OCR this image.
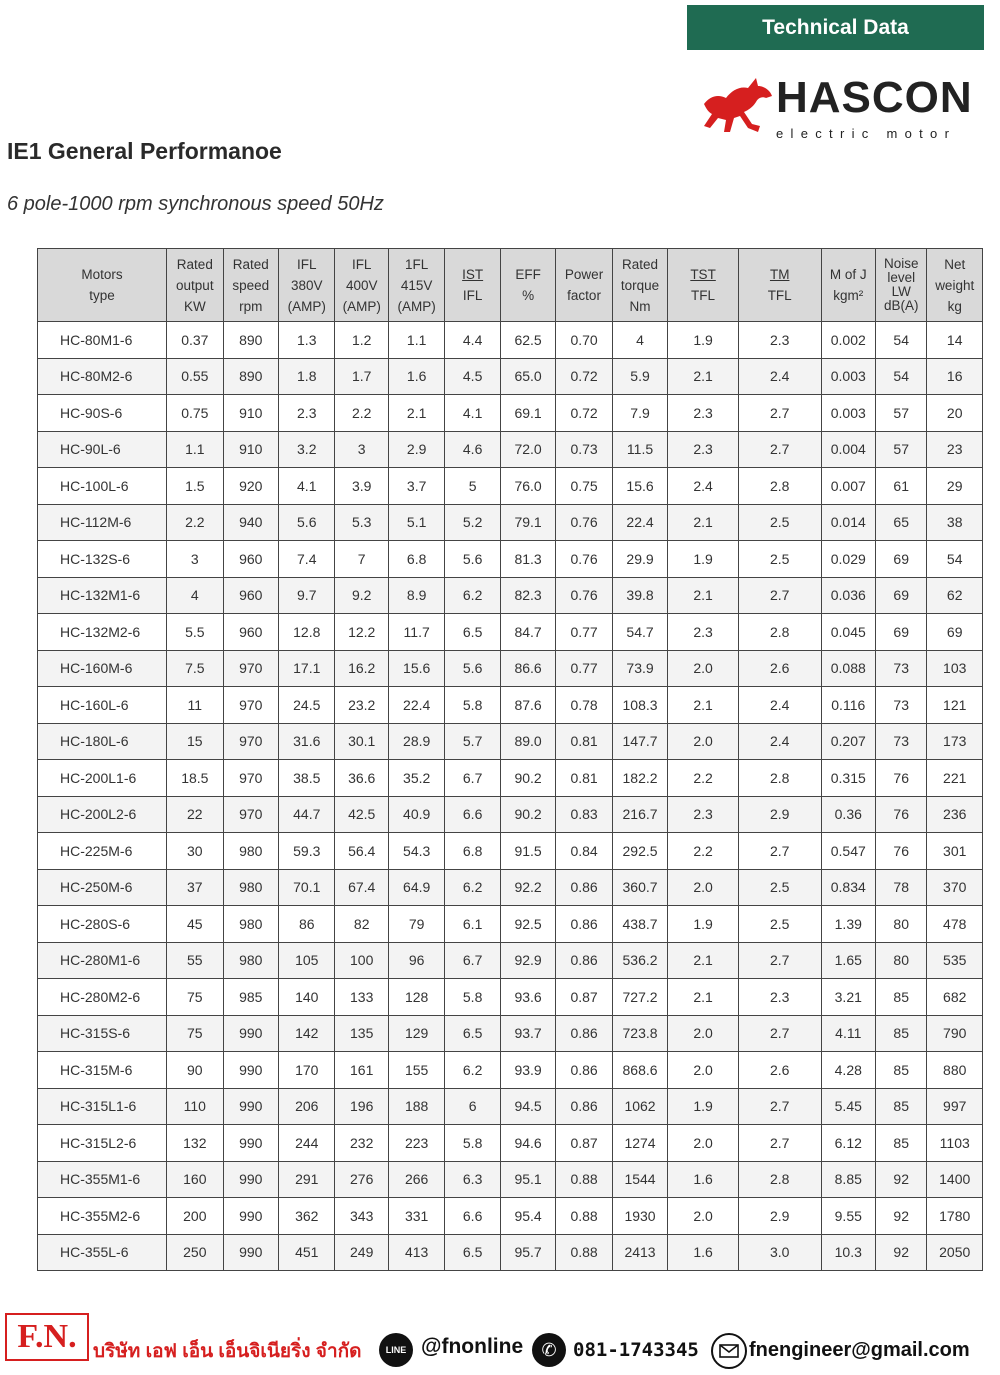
Technical Data
HASCON
electric motor
IE1 General Performanoe
6 pole-1000 rpm synchronous speed 50Hz
Motors
type	Rated
output
KW	Rated
speed
rpm	IFL
380V
(AMP)	IFL
400V
(AMP)	1FL
415V
(AMP)	IST
IFL	EFF
%	Power
factor	Rated
torque
Nm	TST
TFL	TM
TFL	M of J
kgm²	Noise
level
LW
dB(A)	Net
weight
kg
HC-80M1-6	0.37	890	1.3	1.2	1.1	4.4	62.5	0.70	4	1.9	2.3	0.002	54	14
HC-80M2-6	0.55	890	1.8	1.7	1.6	4.5	65.0	0.72	5.9	2.1	2.4	0.003	54	16
HC-90S-6	0.75	910	2.3	2.2	2.1	4.1	69.1	0.72	7.9	2.3	2.7	0.003	57	20
HC-90L-6	1.1	910	3.2	3	2.9	4.6	72.0	0.73	11.5	2.3	2.7	0.004	57	23
HC-100L-6	1.5	920	4.1	3.9	3.7	5	76.0	0.75	15.6	2.4	2.8	0.007	61	29
HC-112M-6	2.2	940	5.6	5.3	5.1	5.2	79.1	0.76	22.4	2.1	2.5	0.014	65	38
HC-132S-6	3	960	7.4	7	6.8	5.6	81.3	0.76	29.9	1.9	2.5	0.029	69	54
HC-132M1-6	4	960	9.7	9.2	8.9	6.2	82.3	0.76	39.8	2.1	2.7	0.036	69	62
HC-132M2-6	5.5	960	12.8	12.2	11.7	6.5	84.7	0.77	54.7	2.3	2.8	0.045	69	69
HC-160M-6	7.5	970	17.1	16.2	15.6	5.6	86.6	0.77	73.9	2.0	2.6	0.088	73	103
HC-160L-6	11	970	24.5	23.2	22.4	5.8	87.6	0.78	108.3	2.1	2.4	0.116	73	121
HC-180L-6	15	970	31.6	30.1	28.9	5.7	89.0	0.81	147.7	2.0	2.4	0.207	73	173
HC-200L1-6	18.5	970	38.5	36.6	35.2	6.7	90.2	0.81	182.2	2.2	2.8	0.315	76	221
HC-200L2-6	22	970	44.7	42.5	40.9	6.6	90.2	0.83	216.7	2.3	2.9	0.36	76	236
HC-225M-6	30	980	59.3	56.4	54.3	6.8	91.5	0.84	292.5	2.2	2.7	0.547	76	301
HC-250M-6	37	980	70.1	67.4	64.9	6.2	92.2	0.86	360.7	2.0	2.5	0.834	78	370
HC-280S-6	45	980	86	82	79	6.1	92.5	0.86	438.7	1.9	2.5	1.39	80	478
HC-280M1-6	55	980	105	100	96	6.7	92.9	0.86	536.2	2.1	2.7	1.65	80	535
HC-280M2-6	75	985	140	133	128	5.8	93.6	0.87	727.2	2.1	2.3	3.21	85	682
HC-315S-6	75	990	142	135	129	6.5	93.7	0.86	723.8	2.0	2.7	4.11	85	790
HC-315M-6	90	990	170	161	155	6.2	93.9	0.86	868.6	2.0	2.6	4.28	85	880
HC-315L1-6	110	990	206	196	188	6	94.5	0.86	1062	1.9	2.7	5.45	85	997
HC-315L2-6	132	990	244	232	223	5.8	94.6	0.87	1274	2.0	2.7	6.12	85	1103
HC-355M1-6	160	990	291	276	266	6.3	95.1	0.88	1544	1.6	2.8	8.85	92	1400
HC-355M2-6	200	990	362	343	331	6.6	95.4	0.88	1930	2.0	2.9	9.55	92	1780
HC-355L-6	250	990	451	249	413	6.5	95.7	0.88	2413	1.6	3.0	10.3	92	2050
F.N. บริษัท เอฟ เอ็น เอ็นจิเนียริ่ง จำกัด	LINE @fnonline	✆ 081-1743345	fnengineer@gmail.com
